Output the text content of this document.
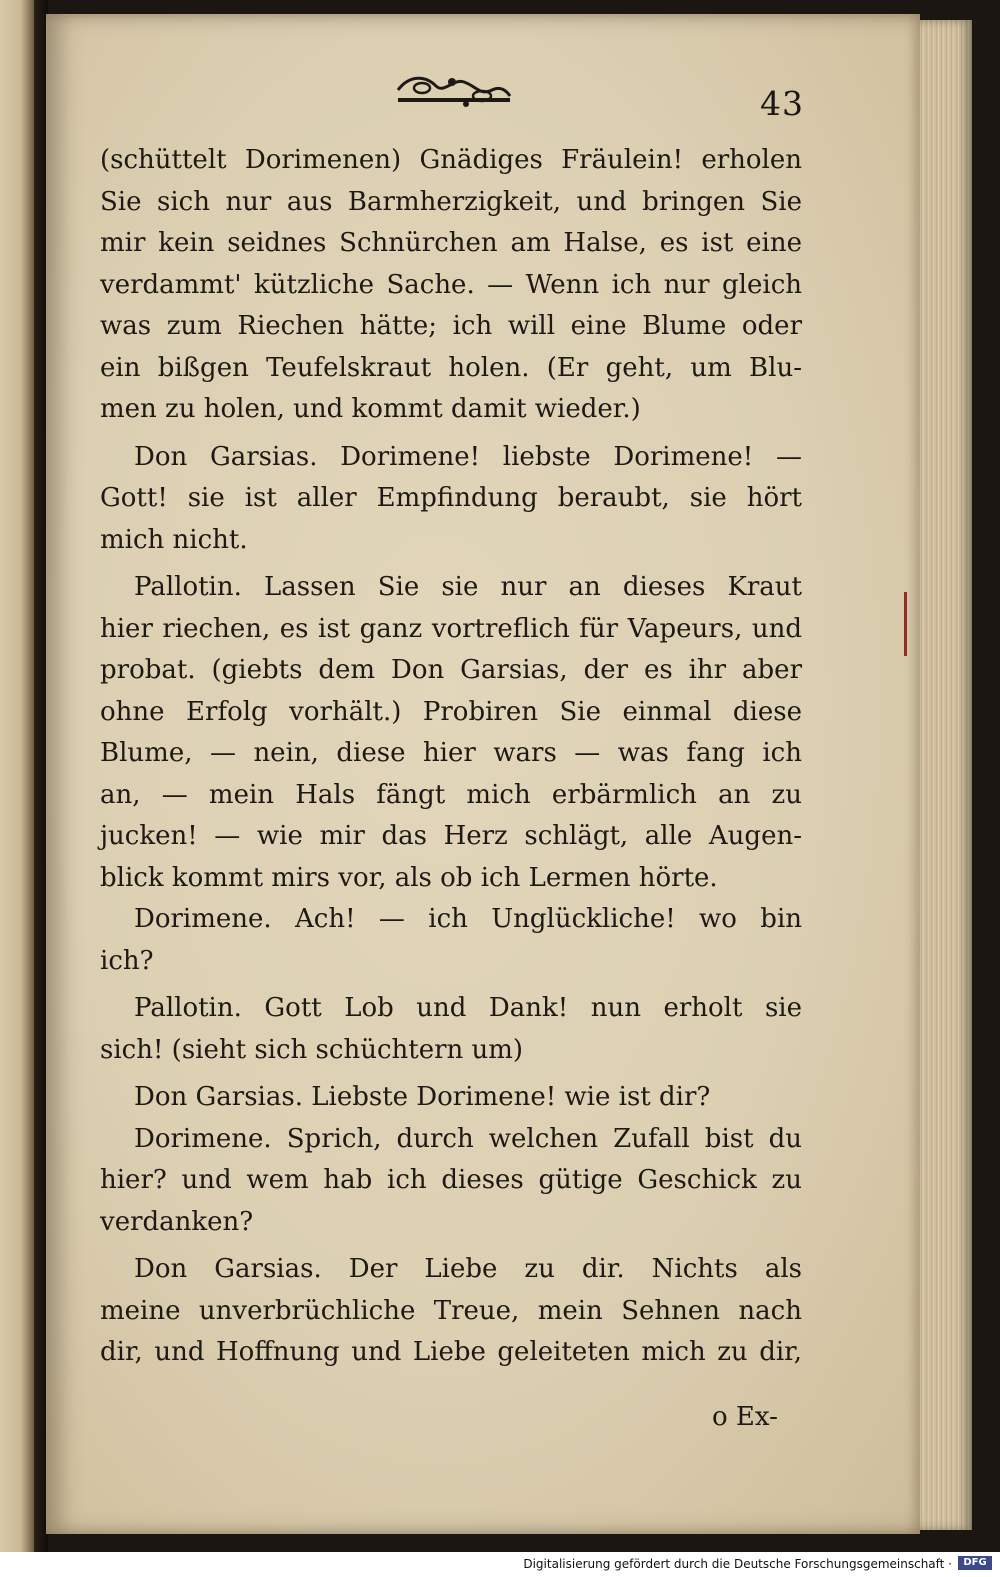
43
(schüttelt Dorimenen) Gnädiges Fräulein! erholen
Sie sich nur aus Barmherzigkeit, und bringen Sie
mir kein seidnes Schnürchen am Halse, es ist eine
verdammt' kützliche Sache. — Wenn ich nur gleich
was zum Riechen hätte; ich will eine Blume oder
ein bißgen Teufelskraut holen. (Er geht, um Blu-
men zu holen, und kommt damit wieder.)
Don Garsias. Dorimene! liebste Dorimene! —
Gott! sie ist aller Empfindung beraubt, sie hört
mich nicht.
Pallotin. Lassen Sie sie nur an dieses Kraut
hier riechen, es ist ganz vortreflich für Vapeurs, und
probat. (giebts dem Don Garsias, der es ihr aber
ohne Erfolg vorhält.) Probiren Sie einmal diese
Blume, — nein, diese hier wars — was fang ich
an, — mein Hals fängt mich erbärmlich an zu
jucken! — wie mir das Herz schlägt, alle Augen-
blick kommt mirs vor, als ob ich Lermen hörte.
Dorimene. Ach! — ich Unglückliche! wo bin
ich?
Pallotin. Gott Lob und Dank! nun erholt sie
sich! (sieht sich schüchtern um)
Don Garsias. Liebste Dorimene! wie ist dir?
Dorimene. Sprich, durch welchen Zufall bist du
hier? und wem hab ich dieses gütige Geschick zu
verdanken?
Don Garsias. Der Liebe zu dir. Nichts als
meine unverbrüchliche Treue, mein Sehnen nach
dir, und Hoffnung und Liebe geleiteten mich zu dir,
o Ex-
Digitalisierung gefördert durch die Deutsche Forschungsgemeinschaft ·	DFG
